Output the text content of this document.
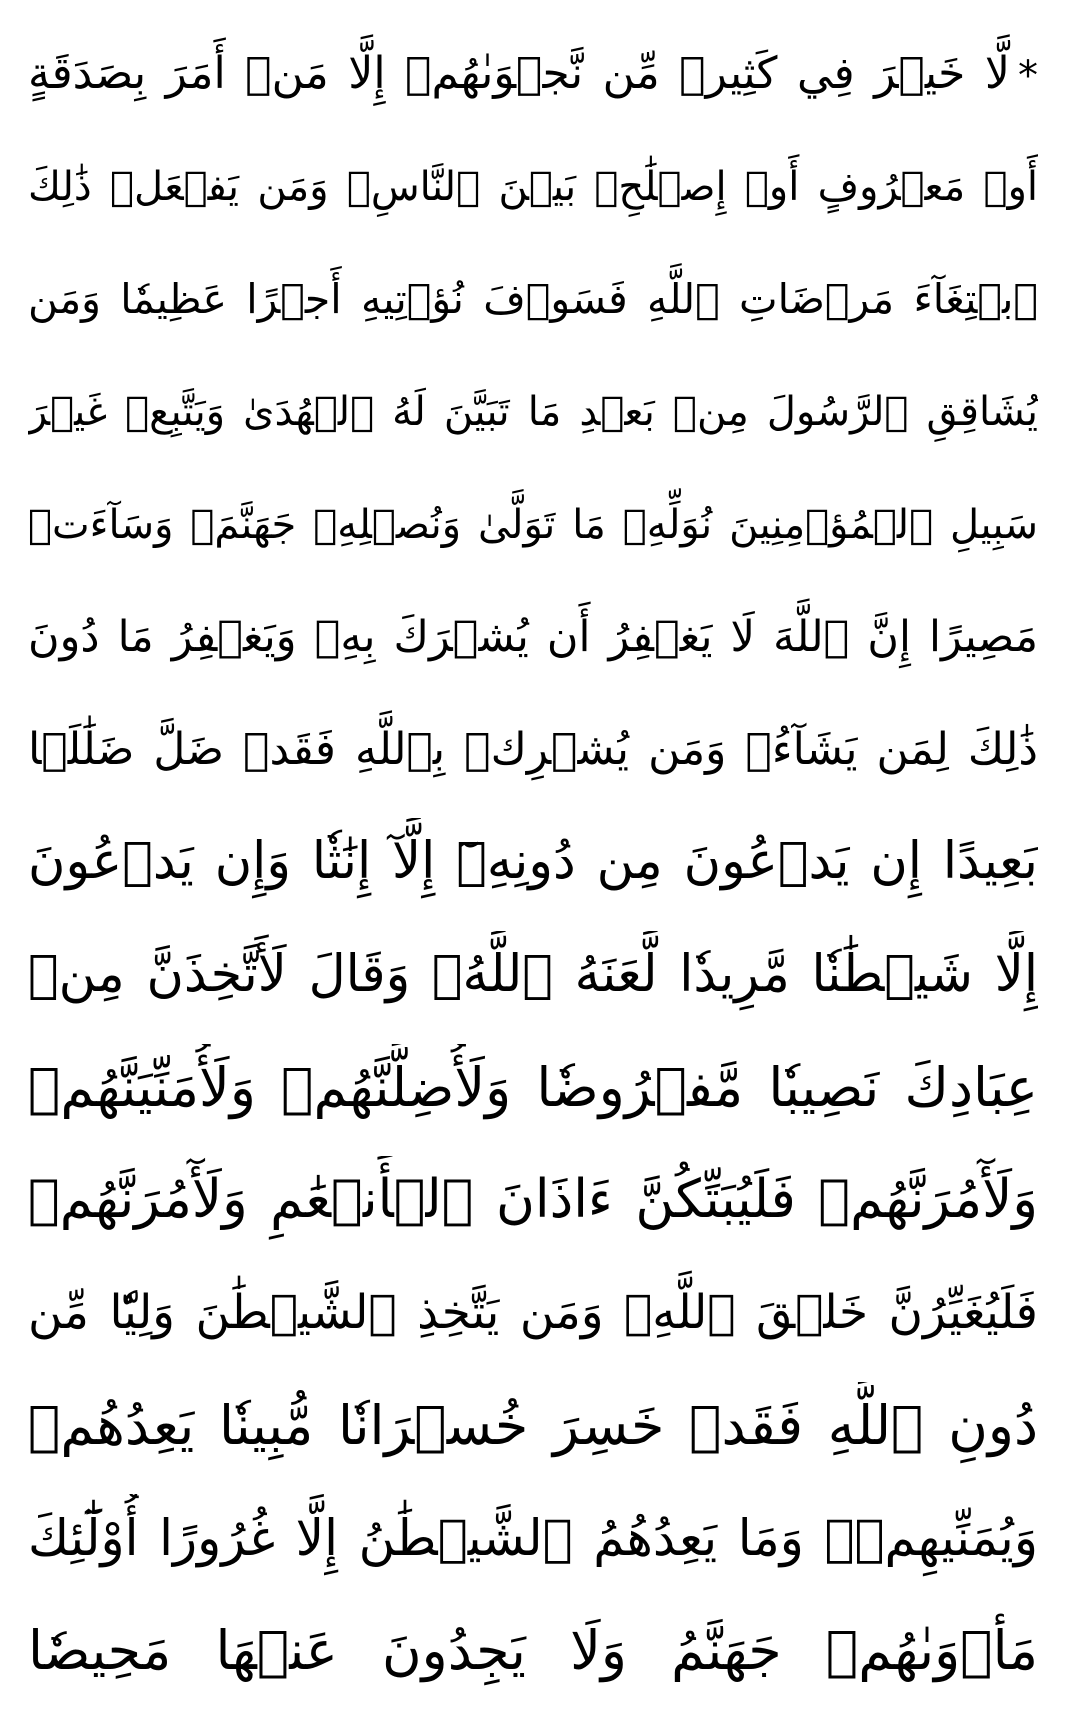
*لَّا خَيۡرَ فِي كَثِيرٖ مِّن نَّجۡوَىٰهُمۡ إِلَّا مَنۡ أَمَرَ بِصَدَقَةٍ
أَوۡ مَعۡرُوفٍ أَوۡ إِصۡلَٰحِۭ بَيۡنَ ٱلنَّاسِۚ وَمَن يَفۡعَلۡ ذَٰلِكَ
ٱبۡتِغَآءَ مَرۡضَاتِ ٱللَّهِ فَسَوۡفَ نُؤۡتِيهِ أَجۡرًا عَظِيمٗا وَمَن
يُشَاقِقِ ٱلرَّسُولَ مِنۢ بَعۡدِ مَا تَبَيَّنَ لَهُ ٱلۡهُدَىٰ وَيَتَّبِعۡ غَيۡرَ
سَبِيلِ ٱلۡمُؤۡمِنِينَ نُوَلِّهِۦ مَا تَوَلَّىٰ وَنُصۡلِهِۦ جَهَنَّمَۖ وَسَآءَتۡ
مَصِيرًا إِنَّ ٱللَّهَ لَا يَغۡفِرُ أَن يُشۡرَكَ بِهِۦ وَيَغۡفِرُ مَا دُونَ
ذَٰلِكَ لِمَن يَشَآءُۚ وَمَن يُشۡرِكۡ بِٱللَّهِ فَقَدۡ ضَلَّ ضَلَٰلَۢا
بَعِيدًا إِن يَدۡعُونَ مِن دُونِهِۦٓ إِلَّآ إِنَٰثٗا وَإِن يَدۡعُونَ
إِلَّا شَيۡطَٰنٗا مَّرِيدٗا لَّعَنَهُ ٱللَّهُۘ وَقَالَ لَأَتَّخِذَنَّ مِنۡ
عِبَادِكَ نَصِيبٗا مَّفۡرُوضٗا وَلَأُضِلَّنَّهُمۡ وَلَأُمَنِّيَنَّهُمۡ
وَلَأٓمُرَنَّهُمۡ فَلَيُبَتِّكُنَّ ءَاذَانَ ٱلۡأَنۡعَٰمِ وَلَأٓمُرَنَّهُمۡ
فَلَيُغَيِّرُنَّ خَلۡقَ ٱللَّهِۚ وَمَن يَتَّخِذِ ٱلشَّيۡطَٰنَ وَلِيّٗا مِّن
دُونِ ٱللَّهِ فَقَدۡ خَسِرَ خُسۡرَانٗا مُّبِينٗا يَعِدُهُمۡ
وَيُمَنِّيهِمۡۖ وَمَا يَعِدُهُمُ ٱلشَّيۡطَٰنُ إِلَّا غُرُورًا أُوْلَٰٓئِكَ
مَأۡوَىٰهُمۡ جَهَنَّمُ وَلَا يَجِدُونَ عَنۡهَا مَحِيصٗا
